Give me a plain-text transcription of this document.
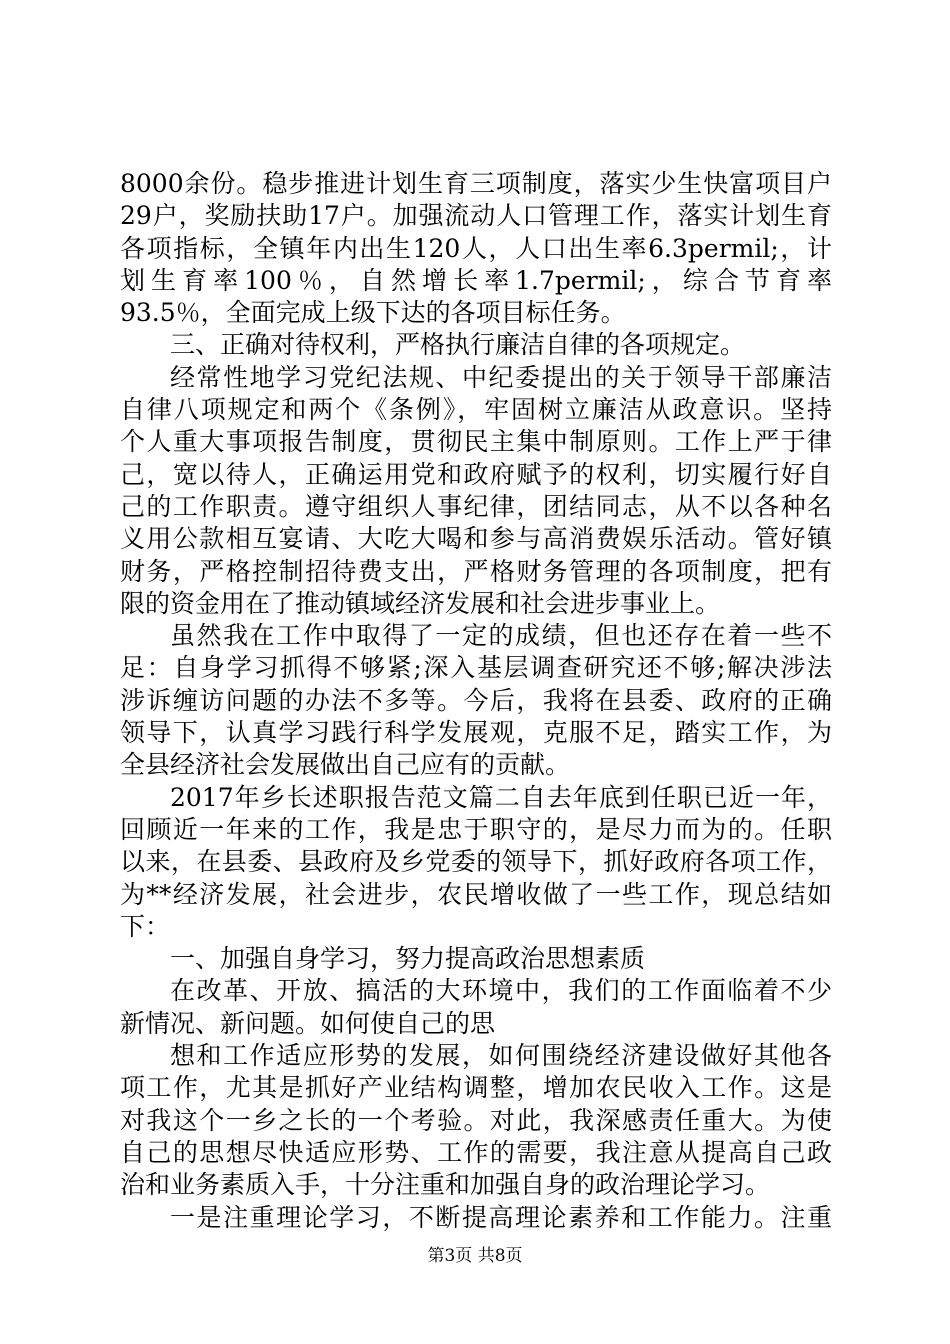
8000余份。稳步推进计划生育三项制度，落实少生快富项目户
29户，奖励扶助17户。加强流动人口管理工作，落实计划生育
各项指标，全镇年内出生120人，人口出生率6.3permil;，计
划生育率100％，自然增长率1.7permil;，综合节育率
93.5％，全面完成上级下达的各项目标任务。
三、正确对待权利，严格执行廉洁自律的各项规定。
经常性地学习党纪法规、中纪委提出的关于领导干部廉洁
自律八项规定和两个《条例》，牢固树立廉洁从政意识。坚持
个人重大事项报告制度，贯彻民主集中制原则。工作上严于律
己，宽以待人，正确运用党和政府赋予的权利，切实履行好自
己的工作职责。遵守组织人事纪律，团结同志，从不以各种名
义用公款相互宴请、大吃大喝和参与高消费娱乐活动。管好镇
财务，严格控制招待费支出，严格财务管理的各项制度，把有
限的资金用在了推动镇域经济发展和社会进步事业上。
虽然我在工作中取得了一定的成绩，但也还存在着一些不
足：自身学习抓得不够紧;深入基层调查研究还不够;解决涉法
涉诉缠访问题的办法不多等。今后，我将在县委、政府的正确
领导下，认真学习践行科学发展观，克服不足，踏实工作，为
全县经济社会发展做出自己应有的贡献。
2017年乡长述职报告范文篇二自去年底到任职已近一年，
回顾近一年来的工作，我是忠于职守的，是尽力而为的。任职
以来，在县委、县政府及乡党委的领导下，抓好政府各项工作，
为**经济发展，社会进步，农民增收做了一些工作，现总结如
下：
一、加强自身学习，努力提高政治思想素质
在改革、开放、搞活的大环境中，我们的工作面临着不少
新情况、新问题。如何使自己的思
想和工作适应形势的发展，如何围绕经济建设做好其他各
项工作，尤其是抓好产业结构调整，增加农民收入工作。这是
对我这个一乡之长的一个考验。对此，我深感责任重大。为使
自己的思想尽快适应形势、工作的需要，我注意从提高自己政
治和业务素质入手，十分注重和加强自身的政治理论学习。
一是注重理论学习，不断提高理论素养和工作能力。注重
第3页 共8页
